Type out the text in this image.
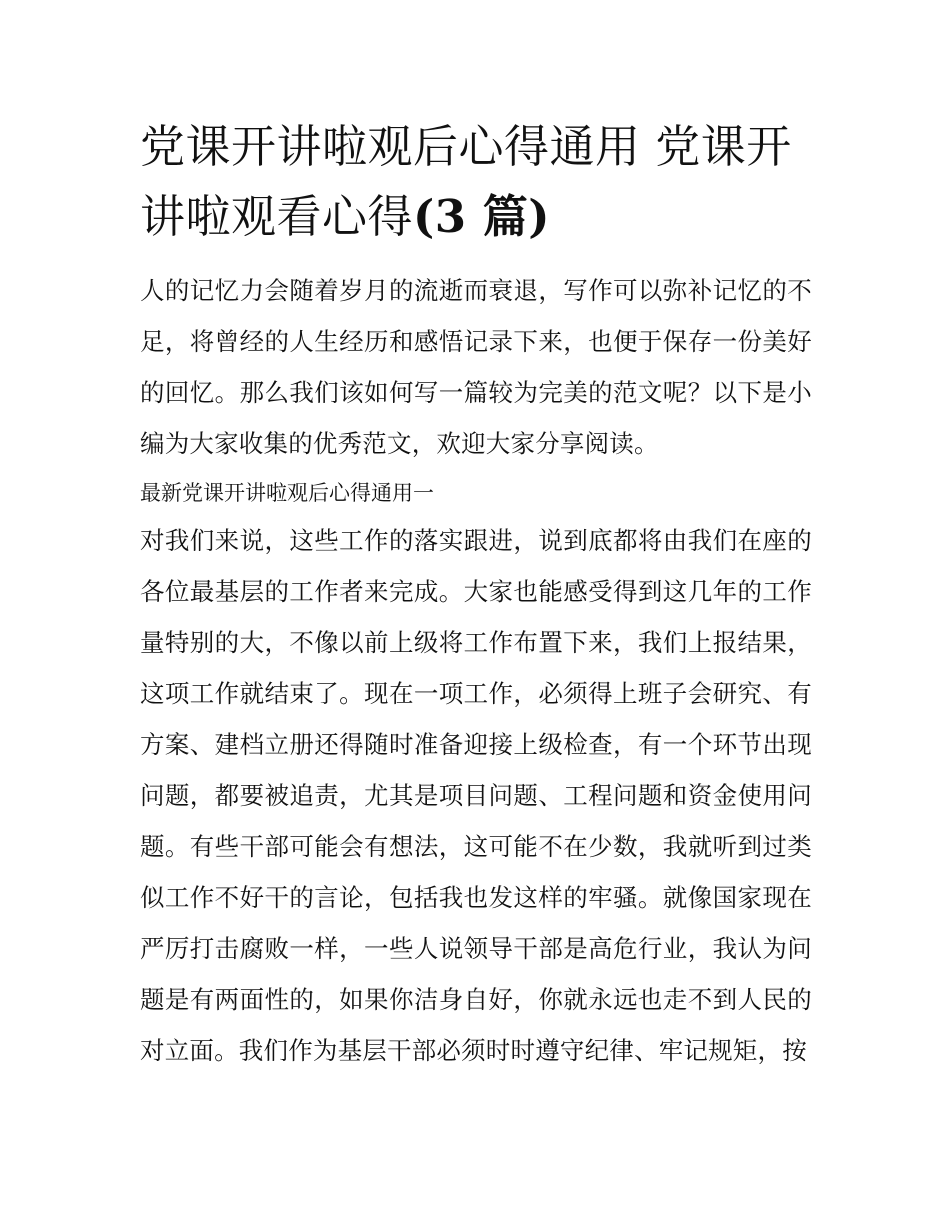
党课开讲啦观后心得通用 党课开讲啦观看心得(3 篇)

人的记忆力会随着岁月的流逝而衰退，写作可以弥补记忆的不足，将曾经的人生经历和感悟记录下来，也便于保存一份美好的回忆。那么我们该如何写一篇较为完美的范文呢？以下是小编为大家收集的优秀范文，欢迎大家分享阅读。

最新党课开讲啦观后心得通用一

对我们来说，这些工作的落实跟进，说到底都将由我们在座的各位最基层的工作者来完成。大家也能感受得到这几年的工作量特别的大，不像以前上级将工作布置下来，我们上报结果，这项工作就结束了。现在一项工作，必须得上班子会研究、有方案、建档立册还得随时准备迎接上级检查，有一个环节出现问题，都要被追责，尤其是项目问题、工程问题和资金使用问题。有些干部可能会有想法，这可能不在少数，我就听到过类似工作不好干的言论，包括我也发这样的牢骚。就像国家现在严厉打击腐败一样，一些人说领导干部是高危行业，我认为问题是有两面性的，如果你洁身自好，你就永远也走不到人民的对立面。我们作为基层干部必须时时遵守纪律、牢记规矩，按
